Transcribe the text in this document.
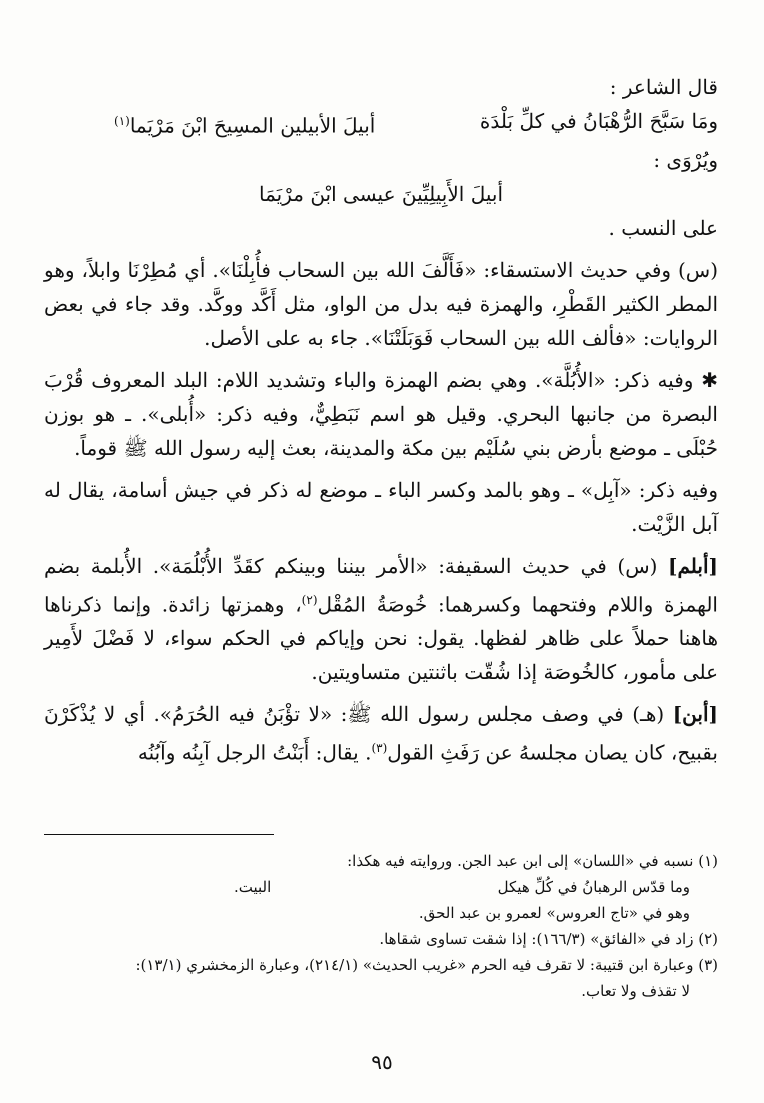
قال الشاعر :

ومَا سَبَّحَ الرُّهْبَانُ في كلِّ بَلْدَة
أبيلَ الأبيلين المسِيحَ ابْنَ مَرْيَما$^{(١)}$

ويُرْوَى :

أبيلَ الأَبِيلِيِّينَ عيسى ابْنَ مرْيَمَا

على النسب .

(س) وفي حديث الاستسقاء: «فَأَلَّفَ الله بين السحاب فأُبِلْنَا». أي مُطِرْنَا وابلاً، وهو المطر الكثير القَطْرِ، والهمزة فيه بدل من الواو، مثل أَكَّد ووكَّد. وقد جاء في بعض الروايات: «فألف الله بين السحاب فَوَبَلَتْنَا». جاء به على الأصل.

✱ وفيه ذكر: «الأُبُلَّة». وهي بضم الهمزة والباء وتشديد اللام: البلد المعروف قُرْبَ البصرة من جانبها البحري. وقيل هو اسم نَبَطِيٌّ، وفيه ذكر: «أُبلى». ـ هو بوزن حُبْلَى ـ موضع بأرض بني سُلَيْم بين مكة والمدينة، بعث إليه رسول الله ﷺ قوماً.

وفيه ذكر: «آبِل» ـ وهو بالمد وكسر الباء ـ موضع له ذكر في جيش أسامة، يقال له آبل الزَّيْت.

[أبلم] (س) في حديث السقيفة: «الأمر بيننا وبينكم كقَدِّ الأُبْلُمَة». الأُبلمة بضم الهمزة واللام وفتحهما وكسرهما: خُوصَةُ المُقْل$^{(٢)}$، وهمزتها زائدة. وإنما ذكرناها هاهنا حملاً على ظاهر لفظها. يقول: نحن وإياكم في الحكم سواء، لا فَضْلَ لأَمِير على مأمور، كالخُوصَة إذا شُقّت باثنتين متساويتين.

[أبن] (هـ) في وصف مجلس رسول الله ﷺ: «لا تؤْبَنُ فيه الحُرَمُ». أي لا يُذْكَرْنَ بقبيح، كان يصان مجلسهُ عن رَفَثِ القول$^{(٣)}$. يقال: أَبَنْتُ الرجل آبِنُه وآبُنُه

(١) نسبه في «اللسان» إلى ابن عبد الجن. وروايته فيه هكذا:

وما قدّس الرهبانُ في كُلِّ هيكل
البيت.

وهو في «تاج العروس» لعمرو بن عبد الحق.

(٢) زاد في «الفائق» (١٦٦/٣): إذا شقت تساوى شقاها.

(٣) وعبارة ابن قتيبة: لا تقرف فيه الحرم «غريب الحديث» (٢١٤/١)، وعبارة الزمخشري (١٣/١):

لا تقذف ولا تعاب.

٩٥
